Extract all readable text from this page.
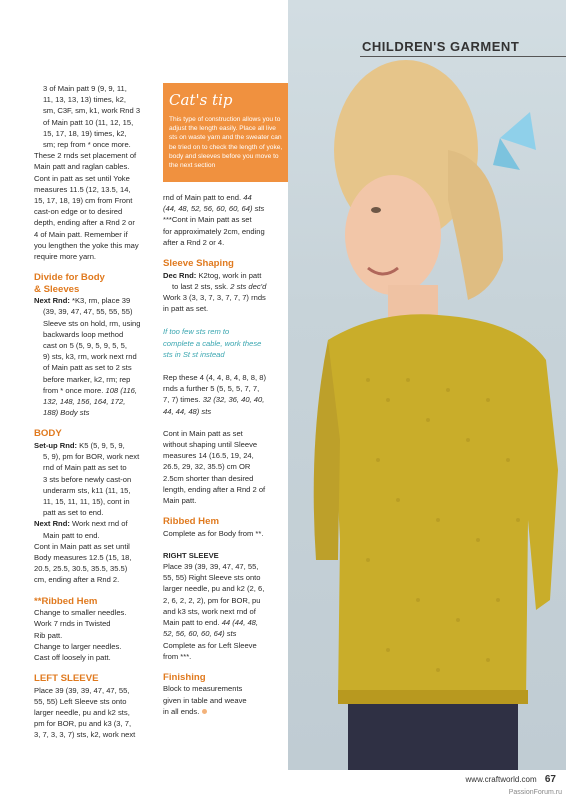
CHILDREN'S GARMENT
Cat's tip
This type of construction allows you to adjust the length easily. Place all live sts on waste yarn and the sweater can be tried on to check the length of yoke, body and sleeves before you move to the next section

3 of Main patt 9 (9, 9, 11,

11, 13, 13, 13) times, k2,

sm, C3F, sm, k1, work Rnd 3

of Main patt 10 (11, 12, 15,

15, 17, 18, 19) times, k2,

sm; rep from * once more.

These 2 rnds set placement of

Main patt and raglan cables.

Cont in patt as set until Yoke

measures 11.5 (12, 13.5, 14,

15, 17, 18, 19) cm from Front

cast-on edge or to desired

depth, ending after a Rnd 2 or

4 of Main patt. Remember if

you lengthen the yoke this may

require more yarn.

Divide for Body
& Sleeves

Next Rnd: *K3, rm, place 39

(39, 39, 47, 47, 55, 55, 55)

Sleeve sts on hold, rm, using

backwards loop method

cast on 5 (5, 9, 5, 9, 5, 5,

9) sts, k3, rm, work next rnd

of Main patt as set to 2 sts

before marker, k2, rm; rep

from * once more. 108 (116,

132, 148, 156, 164, 172,

188) Body sts

BODY

Set-up Rnd: K5 (5, 9, 5, 9,

5, 9), pm for BOR, work next

rnd of Main patt as set to

3 sts before newly cast-on

underarm sts, k11 (11, 15,

11, 15, 11, 11, 15), cont in

patt as set to end.

Next Rnd: Work next rnd of

Main patt to end.

Cont in Main patt as set until

Body measures 12.5 (15, 18,

20.5, 25.5, 30.5, 35.5, 35.5)

cm, ending after a Rnd 2.

**Ribbed Hem

Change to smaller needles.

Work 7 rnds in Twisted

Rib patt.

Change to larger needles.

Cast off loosely in patt.

LEFT SLEEVE

Place 39 (39, 39, 47, 47, 55,

55, 55) Left Sleeve sts onto

larger needle, pu and k2 sts,

pm for BOR, pu and k3 (3, 7,

3, 7, 3, 3, 7) sts, k2, work next

rnd of Main patt to end. 44

(44, 48, 52, 56, 60, 60, 64) sts

***Cont in Main patt as set

for approximately 2cm, ending

after a Rnd 2 or 4.

Sleeve Shaping

Dec Rnd: K2tog, work in patt

to last 2 sts, ssk. 2 sts dec'd

Work 3 (3, 3, 7, 3, 7, 7, 7) rnds

in patt as set.

If too few sts rem to

complete a cable, work these

sts in St st instead

Rep these 4 (4, 4, 8, 4, 8, 8, 8)

rnds a further 5 (5, 5, 5, 7, 7,

7, 7) times. 32 (32, 36, 40, 40,

44, 44, 48) sts

Cont in Main patt as set

without shaping until Sleeve

measures 14 (16.5, 19, 24,

26.5, 29, 32, 35.5) cm OR

2.5cm shorter than desired

length, ending after a Rnd 2 of

Main patt.

Ribbed Hem

Complete as for Body from **.

RIGHT SLEEVE

Place 39 (39, 39, 47, 47, 55,

55, 55) Right Sleeve sts onto

larger needle, pu and k2 (2, 6,

2, 6, 2, 2, 2), pm for BOR, pu

and k3 sts, work next rnd of

Main patt to end. 44 (44, 48,

52, 56, 60, 60, 64) sts

Complete as for Left Sleeve

from ***.

Finishing

Block to measurements

given in table and weave

in all ends.

www.craftworld.com 67
PassionForum.ru
